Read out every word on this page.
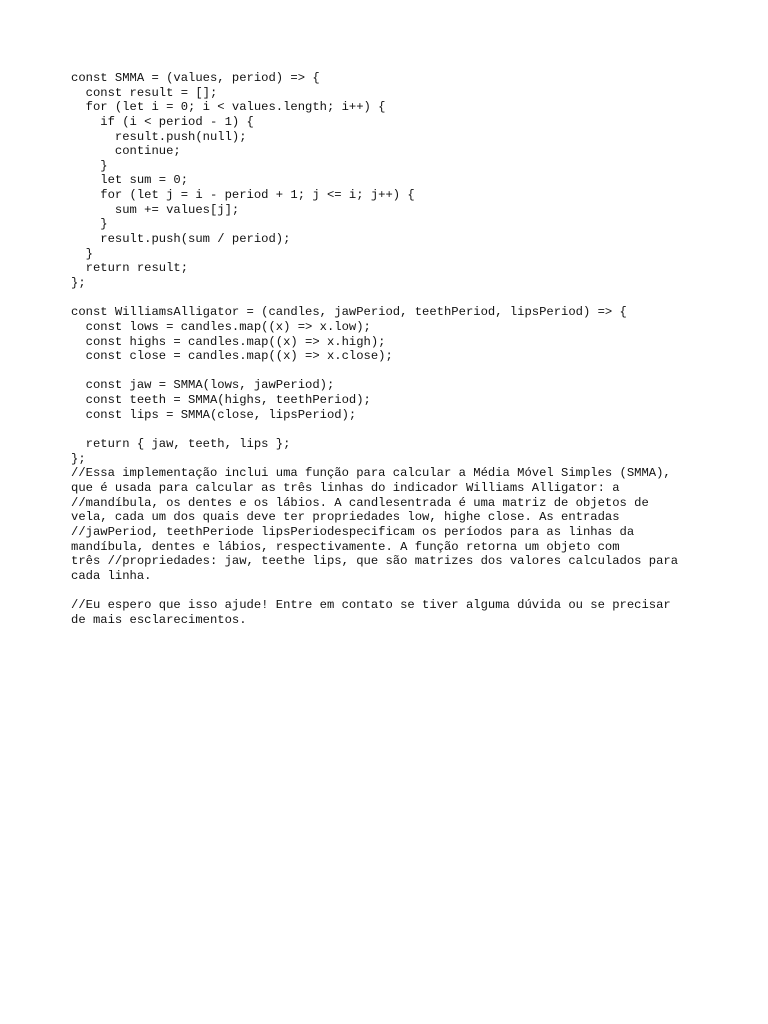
const SMMA = (values, period) => {
const result = [];
for (let i = 0; i < values.length; i++) {
if (i < period - 1) {
result.push(null);
continue;
}
let sum = 0;
for (let j = i - period + 1; j <= i; j++) {
sum += values[j];
}
result.push(sum / period);
}
return result;
};
const WilliamsAlligator = (candles, jawPeriod, teethPeriod, lipsPeriod) => {
const lows = candles.map((x) => x.low);
const highs = candles.map((x) => x.high);
const close = candles.map((x) => x.close);
const jaw = SMMA(lows, jawPeriod);
const teeth = SMMA(highs, teethPeriod);
const lips = SMMA(close, lipsPeriod);
return { jaw, teeth, lips };
};
//Essa implementação inclui uma função para calcular a Média Móvel Simples (SMMA),
que é usada para calcular as três linhas do indicador Williams Alligator: a
//mandíbula, os dentes e os lábios. A candlesentrada é uma matriz de objetos de
vela, cada um dos quais deve ter propriedades low, highe close. As entradas
//jawPeriod, teethPeriode lipsPeriodespecificam os períodos para as linhas da
mandíbula, dentes e lábios, respectivamente. A função retorna um objeto com
três //propriedades: jaw, teethe lips, que são matrizes dos valores calculados para
cada linha.
//Eu espero que isso ajude! Entre em contato se tiver alguma dúvida ou se precisar
de mais esclarecimentos.
